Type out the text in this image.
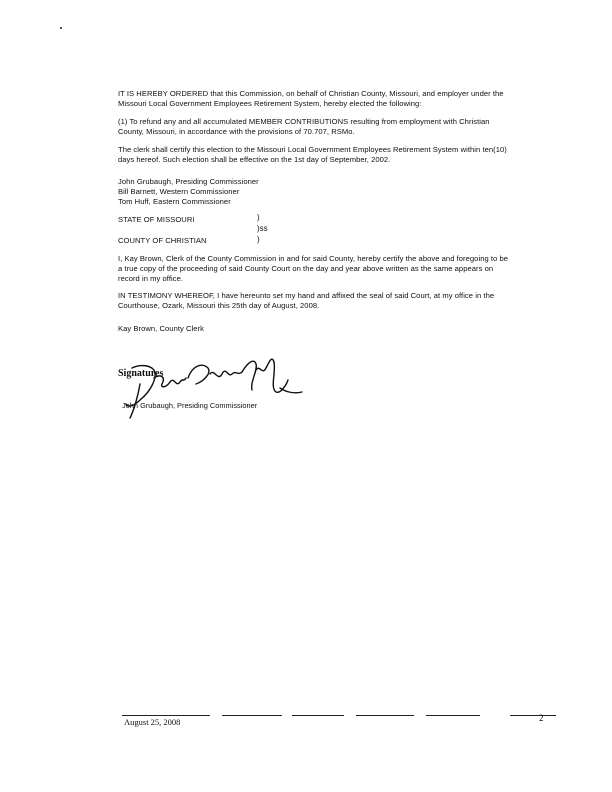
IT IS HEREBY ORDERED that this Commission, on behalf of Christian County, Missouri, and employer under the
Missouri Local Government Employees Retirement System, hereby elected the following:
(1) To refund any and all accumulated MEMBER CONTRIBUTIONS resulting from employment with Christian
County, Missouri, in accordance with the provisions of 70.707, RSMo.
The clerk shall certify this election to the Missouri Local Government Employees Retirement System within ten(10)
days hereof. Such election shall be effective on the 1st day of September, 2002.
John Grubaugh, Presiding Commissioner
Bill Barnett, Western Commissioner
Tom Huff, Eastern Commissioner
STATE OF MISSOURI	)
)ss
)
COUNTY OF CHRISTIAN
I, Kay Brown, Clerk of the County Commission in and for said County, hereby certify the above and foregoing to be
a true copy of the proceeding of said County Court on the day and year above written as the same appears on
record in my office.
IN TESTIMONY WHEREOF, I have hereunto set my hand and affixed the seal of said Court, at my office in the
Courthouse, Ozark, Missouri this 25th day of August, 2008.
Kay Brown, County Clerk
Signatures
John Grubaugh, Presiding Commissioner
August 25, 2008	2
